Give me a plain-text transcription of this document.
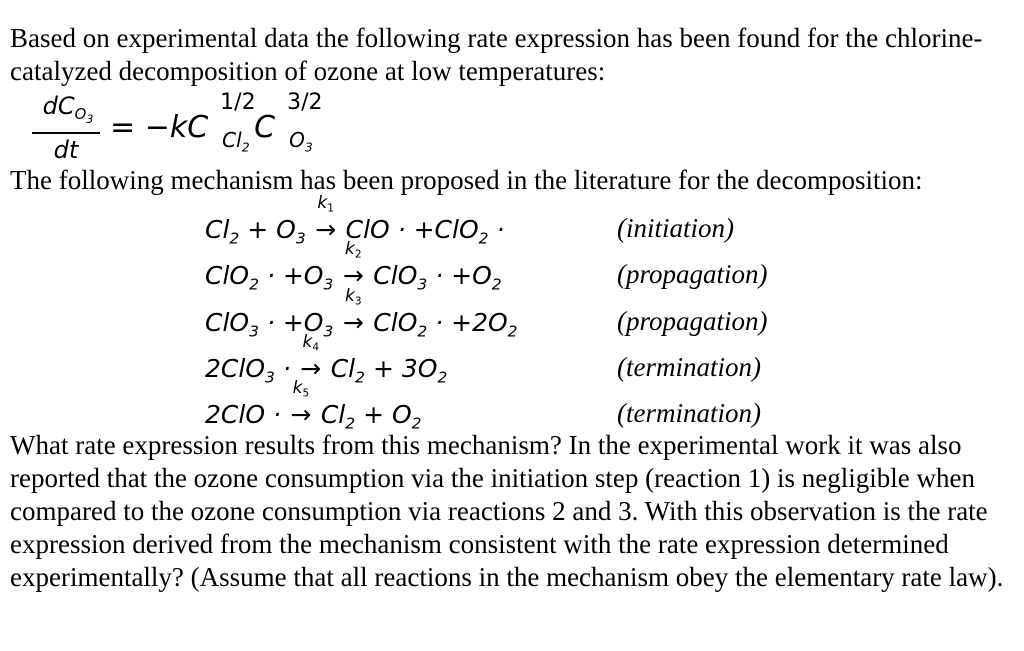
Based on experimental data the following rate expression has been found for the chlorine-catalyzed decomposition of ozone at low temperatures:

$dC_{O_3}$
dt
= −kC
1/2
$Cl_2$
C
3/2
$O_3$

The following mechanism has been proposed in the literature for the decomposition:

$Cl_2 + O_3$
$k_1$
→ ClO · +ClO$_2$ ·	(initiation)
$ClO_2 \cdot +O_3$
$k_2$
→ $ClO_3 \cdot +O_2$	(propagation)
$ClO_3 \cdot +O_3$
$k_3$
→ $ClO_2 \cdot +2O_2$	(propagation)
2ClO$_3$ ·
$k_4$
→ $Cl_2 + 3O_2$	(termination)
2ClO ·
$k_5$
→ $Cl_2 + O_2$	(termination)

What rate expression results from this mechanism? In the experimental work it was also reported that the ozone consumption via the initiation step (reaction 1) is negligible when compared to the ozone consumption via reactions 2 and 3. With this observation is the rate expression derived from the mechanism consistent with the rate expression determined experimentally? (Assume that all reactions in the mechanism obey the elementary rate law).
